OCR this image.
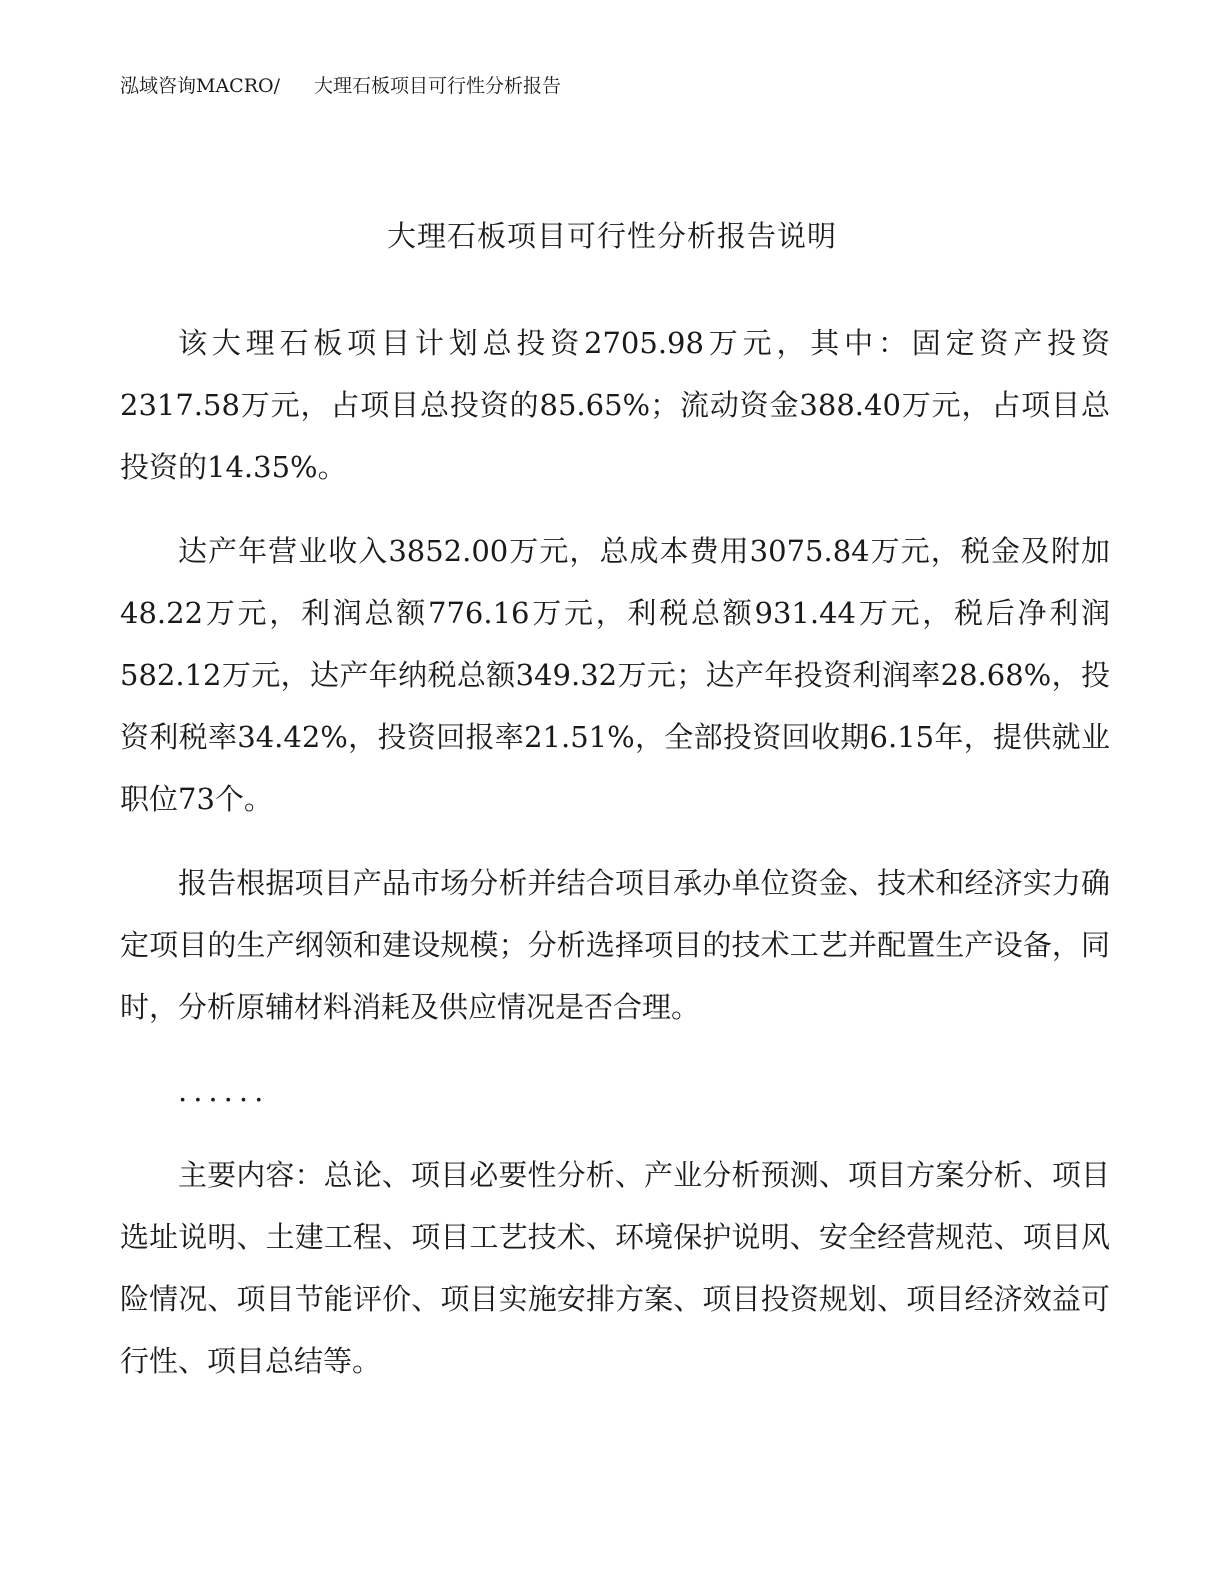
泓域咨询MACRO/ 大理石板项目可行性分析报告
大理石板项目可行性分析报告说明

该大理石板项目计划总投资2705.98万元，其中：固定资产投资2317.58万元，占项目总投资的85.65%；流动资金388.40万元，占项目总投资的14.35%。

达产年营业收入3852.00万元，总成本费用3075.84万元，税金及附加48.22万元，利润总额776.16万元，利税总额931.44万元，税后净利润582.12万元，达产年纳税总额349.32万元；达产年投资利润率28.68%，投资利税率34.42%，投资回报率21.51%，全部投资回收期6.15年，提供就业职位73个。

报告根据项目产品市场分析并结合项目承办单位资金、技术和经济实力确定项目的生产纲领和建设规模；分析选择项目的技术工艺并配置生产设备，同时，分析原辅材料消耗及供应情况是否合理。

......

主要内容：总论、项目必要性分析、产业分析预测、项目方案分析、项目选址说明、土建工程、项目工艺技术、环境保护说明、安全经营规范、项目风险情况、项目节能评价、项目实施安排方案、项目投资规划、项目经济效益可行性、项目总结等。
